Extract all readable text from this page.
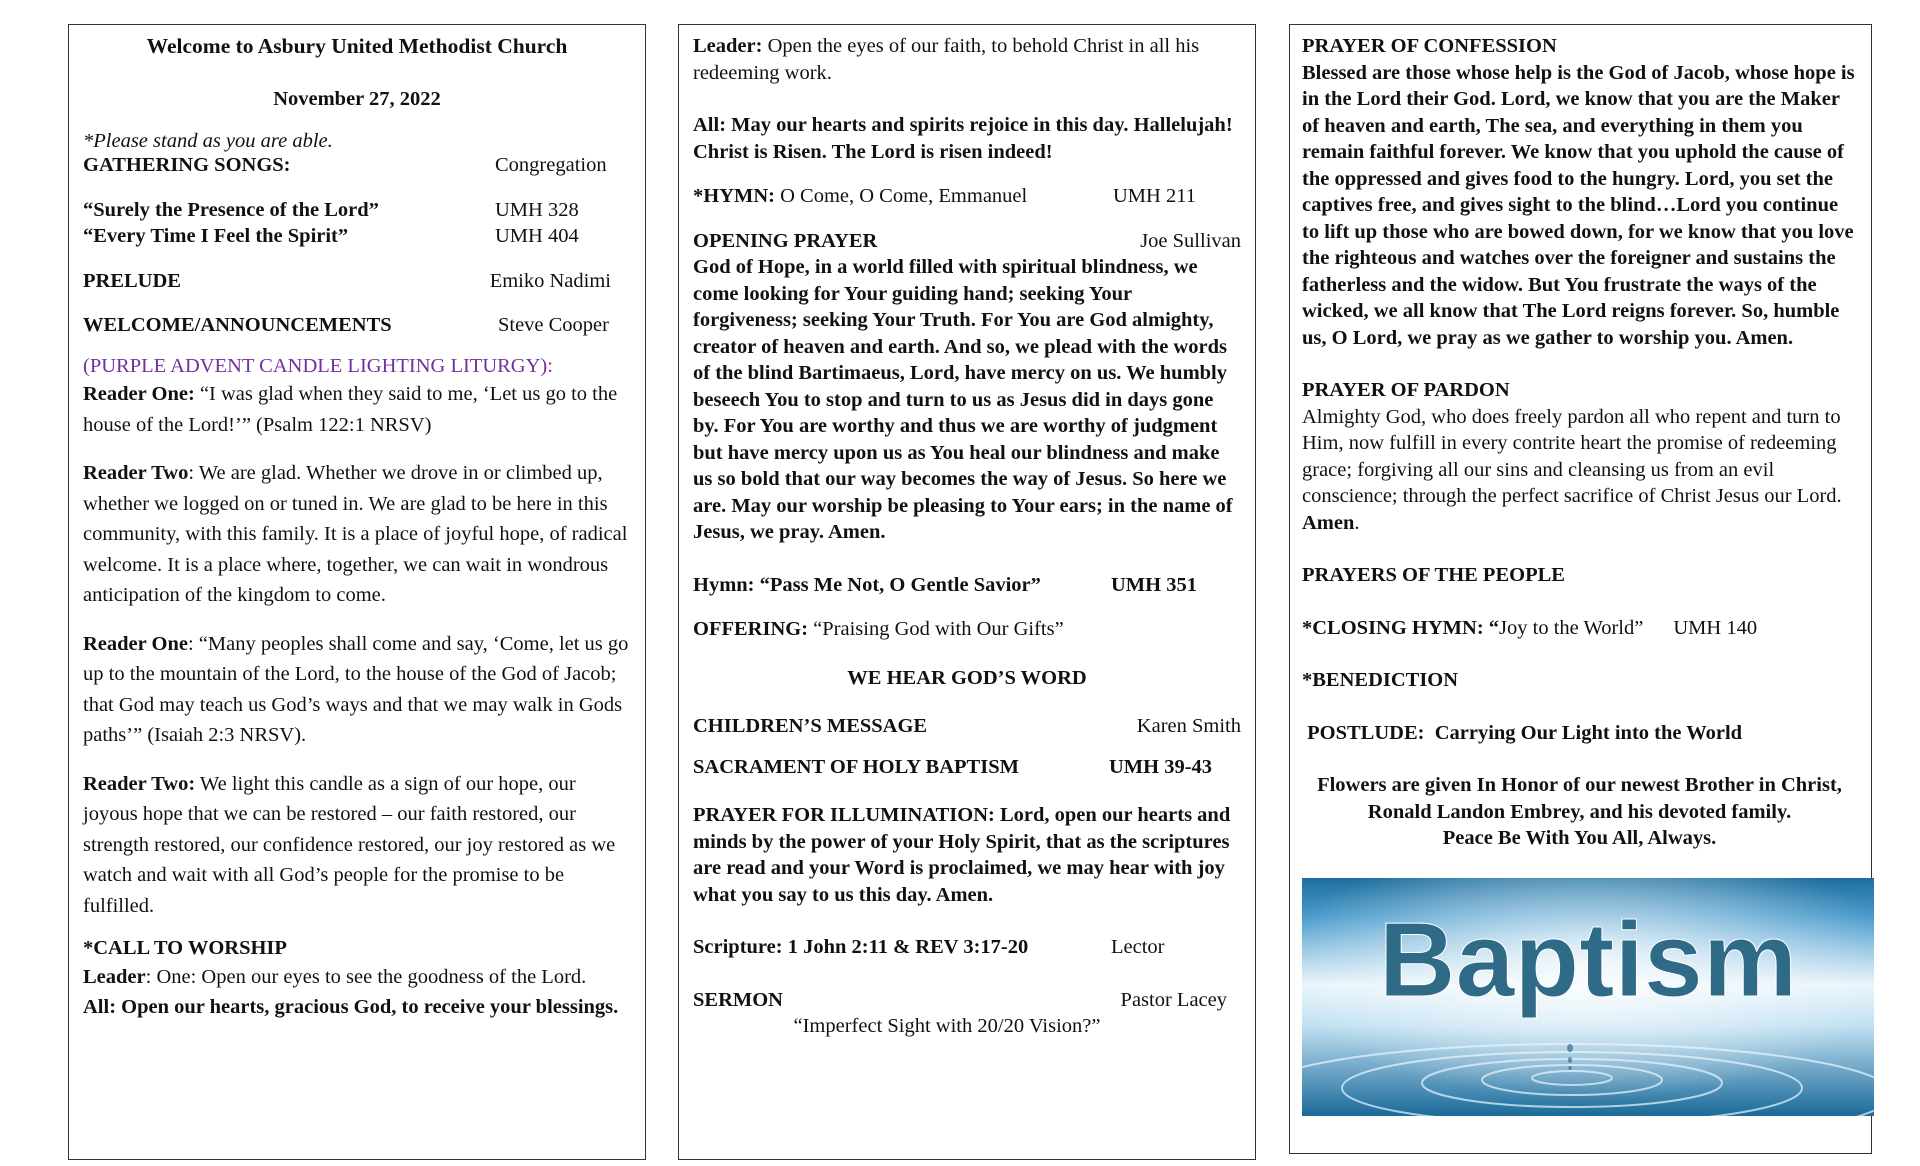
Welcome to Asbury United Methodist Church

November 27, 2022

*Please stand as you are able.

GATHERING SONGS:	Congregation
“Surely the Presence of the Lord”	UMH 328
“Every Time I Feel the Spirit”	UMH 404
PRELUDE	Emiko Nadimi
WELCOME/ANNOUNCEMENTS	Steve Cooper

(PURPLE ADVENT CANDLE LIGHTING LITURGY):

Reader One: “I was glad when they said to me, ‘Let us go to the house of the Lord!’” (Psalm 122:1 NRSV)

Reader Two: We are glad. Whether we drove in or climbed up, whether we logged on or tuned in. We are glad to be here in this community, with this family. It is a place of joyful hope, of radical welcome. It is a place where, together, we can wait in wondrous anticipation of the kingdom to come.

Reader One: “Many peoples shall come and say, ‘Come, let us go up to the mountain of the Lord, to the house of the God of Jacob; that God may teach us God’s ways and that we may walk in Gods paths’” (Isaiah 2:3 NRSV).

Reader Two: We light this candle as a sign of our hope, our joyous hope that we can be restored – our faith restored, our strength restored, our confidence restored, our joy restored as we watch and wait with all God’s people for the promise to be fulfilled.

*CALL TO WORSHIP

Leader: One: Open our eyes to see the goodness of the Lord.

All: Open our hearts, gracious God, to receive your blessings.

Leader: Open the eyes of our faith, to behold Christ in all his redeeming work.

All: May our hearts and spirits rejoice in this day. Hallelujah! Christ is Risen. The Lord is risen indeed!

*HYMN: O Come, O Come, Emmanuel	UMH 211
OPENING PRAYER	Joe Sullivan

God of Hope, in a world filled with spiritual blindness, we come looking for Your guiding hand; seeking Your forgiveness; seeking Your Truth. For You are God almighty, creator of heaven and earth. And so, we plead with the words of the blind Bartimaeus, Lord, have mercy on us. We humbly beseech You to stop and turn to us as Jesus did in days gone by. For You are worthy and thus we are worthy of judgment but have mercy upon us as You heal our blindness and make us so bold that our way becomes the way of Jesus. So here we are. May our worship be pleasing to Your ears; in the name of Jesus, we pray. Amen.

Hymn: “Pass Me Not, O Gentle Savior”	UMH 351

OFFERING: “Praising God with Our Gifts”

WE HEAR GOD’S WORD

CHILDREN’S MESSAGE	Karen Smith
SACRAMENT OF HOLY BAPTISM	UMH 39-43

PRAYER FOR ILLUMINATION: Lord, open our hearts and minds by the power of your Holy Spirit, that as the scriptures are read and your Word is proclaimed, we may hear with joy what you say to us this day. Amen.

Scripture: 1 John 2:11 & REV 3:17-20	Lector
SERMON	Pastor Lacey

“Imperfect Sight with 20/20 Vision?”

PRAYER OF CONFESSION

Blessed are those whose help is the God of Jacob, whose hope is in the Lord their God. Lord, we know that you are the Maker of heaven and earth, The sea, and everything in them you remain faithful forever. We know that you uphold the cause of the oppressed and gives food to the hungry. Lord, you set the captives free, and gives sight to the blind…Lord you continue to lift up those who are bowed down, for we know that you love the righteous and watches over the foreigner and sustains the fatherless and the widow. But You frustrate the ways of the wicked, we all know that The Lord reigns forever. So, humble us, O Lord, we pray as we gather to worship you. Amen.

PRAYER OF PARDON

Almighty God, who does freely pardon all who repent and turn to Him, now fulfill in every contrite heart the promise of redeeming grace; forgiving all our sins and cleansing us from an evil conscience; through the perfect sacrifice of Christ Jesus our Lord. Amen.

PRAYERS OF THE PEOPLE

*CLOSING HYMN: “Joy to the World” UMH 140

*BENEDICTION

POSTLUDE:  Carrying Our Light into the World

Flowers are given In Honor of our newest Brother in Christ, Ronald Landon Embrey, and his devoted family.

Peace Be With You All, Always.

Baptism
